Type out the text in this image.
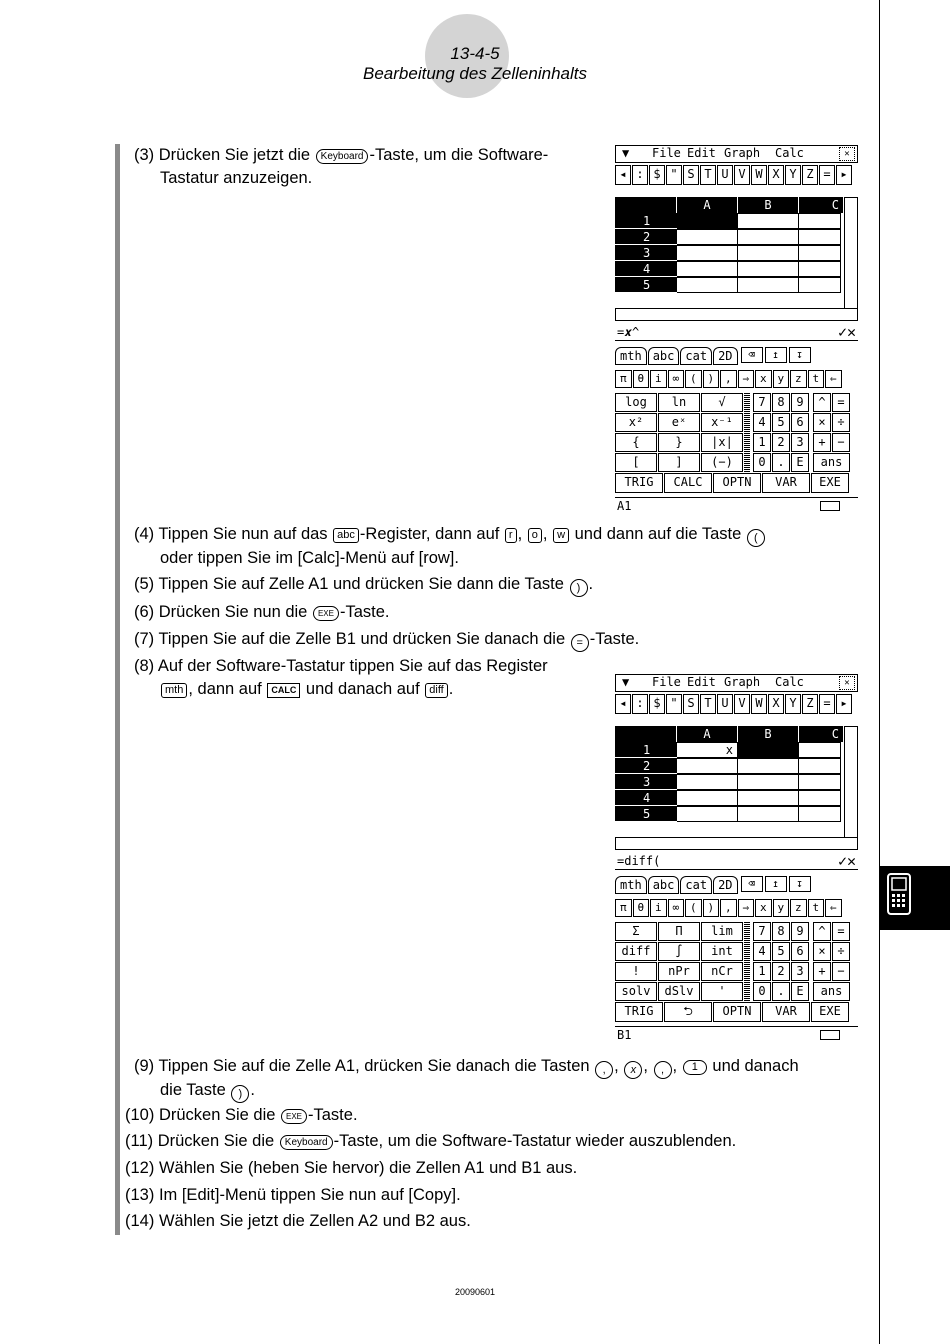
13-4-5
Bearbeitung des Zelleninhalts
(3) Drücken Sie jetzt die Keyboard -Taste, um die Software-
Tastatur anzuzeigen.
▼ File Edit Graph Calc	✕
◂ : $ " S T U V W X Y Z = ▸
A	B	C
1
2
3
4
5
=𝒙^	✓✕
mth abc cat 2D	⌫	↥	↧
π θ i ∞ ( ) , ⇒ x y z t ⇐
log	ln	√	7 8 9	^ =
x²	eˣ	x⁻¹	4 5 6	× ÷
{	}	|x|	1 2 3	+ −
[	]	(−)	0 . E	ans
TRIG	CALC	OPTN	VAR	EXE
A1
(4) Tippen Sie nun auf das abc -Register, dann auf r , o , w und dann auf die Taste (
oder tippen Sie im [Calc]-Menü auf [row].
(5) Tippen Sie auf Zelle A1 und drücken Sie dann die Taste ) .
(6) Drücken Sie nun die EXE -Taste.
(7) Tippen Sie auf die Zelle B1 und drücken Sie danach die = -Taste.
(8) Auf der Software-Tastatur tippen Sie auf das Register
mth , dann auf CALC und danach auf diff .	▼ File Edit Graph Calc	✕
◂ : $ " S T U V W X Y Z = ▸
A	B	C
1	x
2
3
4
5
=diff(	✓✕
mth abc cat 2D	⌫	↥	↧
π θ i ∞ ( ) , ⇒ x y z t ⇐
Σ	Π	lim	7 8 9	^ =
diff	∫	int	4 5 6	× ÷
!	nPr	nCr	1 2 3	+ −
solv	dSlv	'	0 . E	ans
TRIG	⮌	OPTN	VAR	EXE
B1
(9) Tippen Sie auf die Zelle A1, drücken Sie danach die Tasten , , x , , , 1 und danach
die Taste ) .
(10) Drücken Sie die EXE -Taste.
(11) Drücken Sie die Keyboard -Taste, um die Software-Tastatur wieder auszublenden.
(12) Wählen Sie (heben Sie hervor) die Zellen A1 und B1 aus.
(13) Im [Edit]-Menü tippen Sie nun auf [Copy].
(14) Wählen Sie jetzt die Zellen A2 und B2 aus.
20090601
